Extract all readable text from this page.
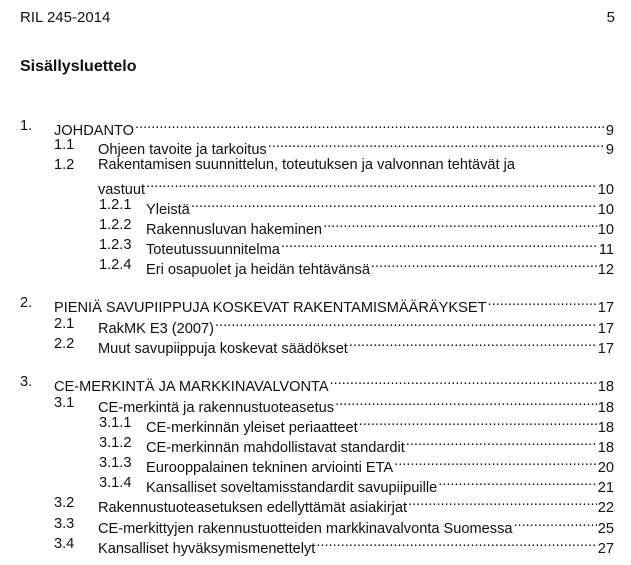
RIL 245-2014	5
Sisällysluettelo
1. JOHDANTO .....	9
1.1 Ohjeen tavoite ja tarkoitus .....	9
1.2 Rakentamisen suunnittelun, toteutuksen ja valvonnan tehtävät ja
vastuut .....	10
1.2.1 Yleistä .....	10
1.2.2 Rakennusluvan hakeminen .....	10
1.2.3 Toteutussuunnitelma .....	11
1.2.4 Eri osapuolet ja heidän tehtävänsä .....	12
2. PIENIÄ SAVUPIIPPUJA KOSKEVAT RAKENTAMISMÄÄRÄYKSET .....	17
2.1 RakMK E3 (2007) .....	17
2.2 Muut savupiippuja koskevat säädökset .....	17
3. CE-MERKINTÄ JA MARKKINAVALVONTA .....	18
3.1 CE-merkintä ja rakennustuoteasetus .....	18
3.1.1 CE-merkinnän yleiset periaatteet .....	18
3.1.2 CE-merkinnän mahdollistavat standardit .....	18
3.1.3 Eurooppalainen tekninen arviointi ETA .....	20
3.1.4 Kansalliset soveltamisstandardit savupiipuille .....	21
3.2 Rakennustuoteasetuksen edellyttämät asiakirjat .....	22
3.3 CE-merkittyjen rakennustuotteiden markkinavalvonta Suomessa .....	25
3.4 Kansalliset hyväksymismenettelyt .....	27
